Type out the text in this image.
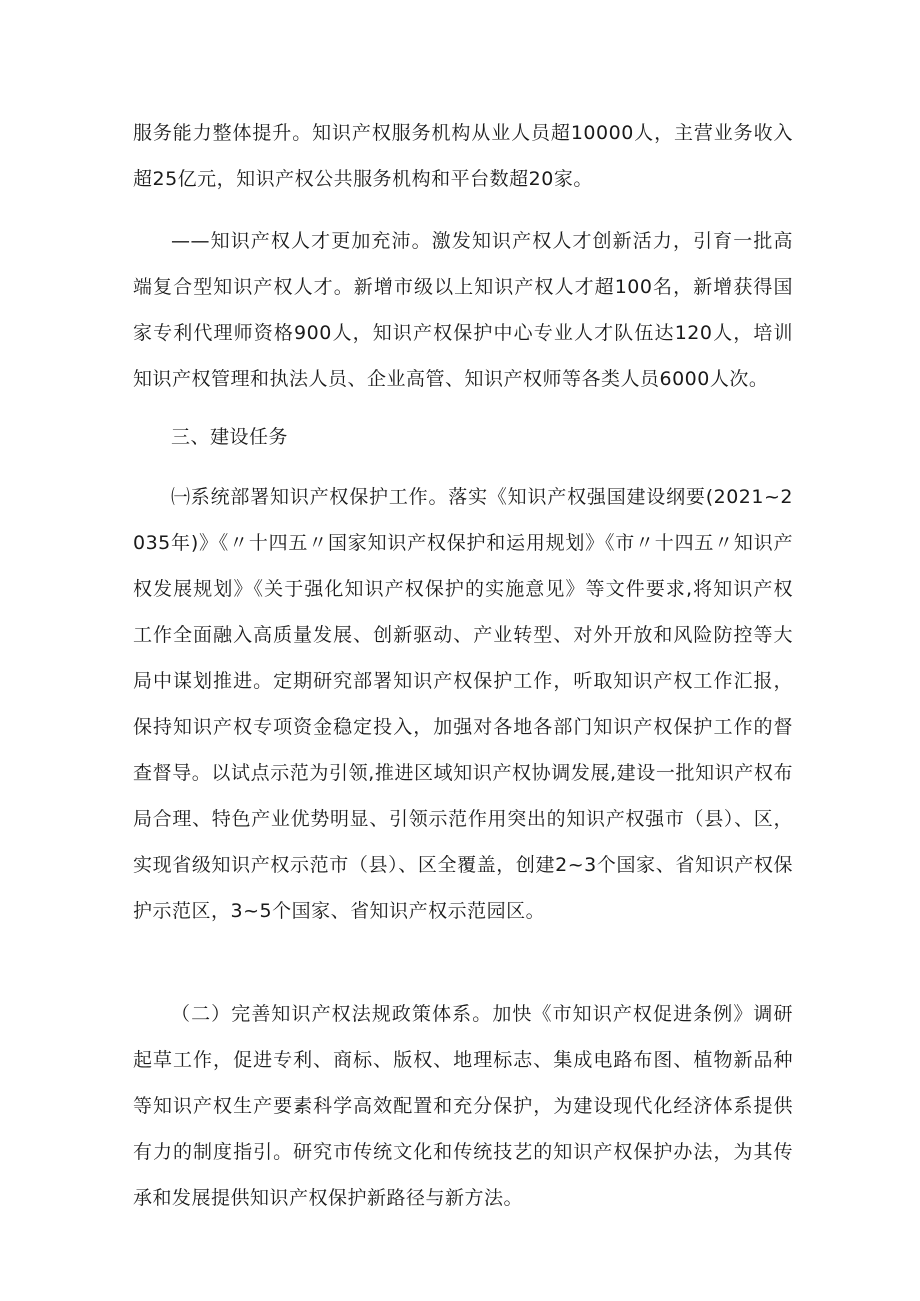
服务能力整体提升。知识产权服务机构从业人员超10000人，主营业务收入超25亿元，知识产权公共服务机构和平台数超20家。

——知识产权人才更加充沛。激发知识产权人才创新活力，引育一批高端复合型知识产权人才。新增市级以上知识产权人才超100名，新增获得国家专利代理师资格900人，知识产权保护中心专业人才队伍达120人，培训知识产权管理和执法人员、企业高管、知识产权师等各类人员6000人次。

三、建设任务

㈠系统部署知识产权保护工作。落实《知识产权强国建设纲要(2021~2035年)》《〃十四五〃国家知识产权保护和运用规划》《市〃十四五〃知识产权发展规划》《关于强化知识产权保护的实施意见》等文件要求,将知识产权工作全面融入高质量发展、创新驱动、产业转型、对外开放和风险防控等大局中谋划推进。定期研究部署知识产权保护工作，听取知识产权工作汇报，保持知识产权专项资金稳定投入，加强对各地各部门知识产权保护工作的督查督导。以试点示范为引领,推进区域知识产权协调发展,建设一批知识产权布局合理、特色产业优势明显、引领示范作用突出的知识产权强市（县）、区，实现省级知识产权示范市（县）、区全覆盖，创建2~3个国家、省知识产权保护示范区，3~5个国家、省知识产权示范园区。

（二）完善知识产权法规政策体系。加快《市知识产权促进条例》调研起草工作，促进专利、商标、版权、地理标志、集成电路布图、植物新品种等知识产权生产要素科学高效配置和充分保护，为建设现代化经济体系提供有力的制度指引。研究市传统文化和传统技艺的知识产权保护办法，为其传承和发展提供知识产权保护新路径与新方法。
